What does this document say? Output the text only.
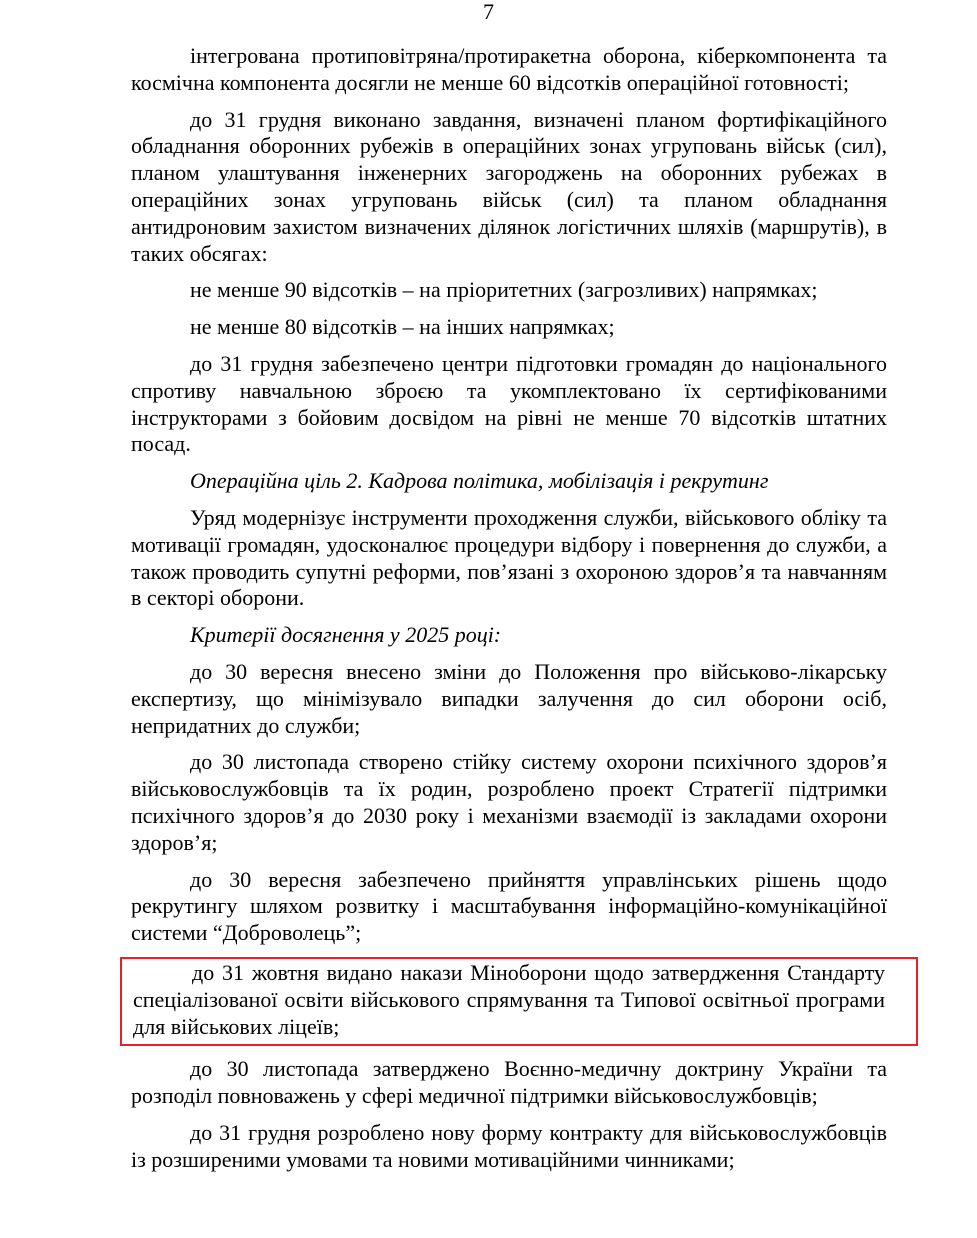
7

інтегрована протиповітряна/протиракетна оборона, кіберкомпонента та космічна компонента досягли не менше 60 відсотків операційної готовності;

до 31 грудня виконано завдання, визначені планом фортифікаційного обладнання оборонних рубежів в операційних зонах угруповань військ (сил), планом улаштування інженерних загороджень на оборонних рубежах в операційних зонах угруповань військ (сил) та планом обладнання антидроновим захистом визначених ділянок логістичних шляхів (маршрутів), в таких обсягах:

не менше 90 відсотків – на пріоритетних (загрозливих) напрямках;

не менше 80 відсотків – на інших напрямках;

до 31 грудня забезпечено центри підготовки громадян до національного спротиву навчальною зброєю та укомплектовано їх сертифікованими інструкторами з бойовим досвідом на рівні не менше 70 відсотків штатних посад.

Операційна ціль 2. Кадрова політика, мобілізація і рекрутинг

Уряд модернізує інструменти проходження служби, військового обліку та мотивації громадян, удосконалює процедури відбору і повернення до служби, а також проводить супутні реформи, пов’язані з охороною здоров’я та навчанням в секторі оборони.

Критерії досягнення у 2025 році:

до 30 вересня внесено зміни до Положення про військово-лікарську експертизу, що мінімізувало випадки залучення до сил оборони осіб, непридатних до служби;

до 30 листопада створено стійку систему охорони психічного здоров’я військовослужбовців та їх родин, розроблено проект Стратегії підтримки психічного здоров’я до 2030 року і механізми взаємодії із закладами охорони здоров’я;

до 30 вересня забезпечено прийняття управлінських рішень щодо рекрутингу шляхом розвитку і масштабування інформаційно-комунікаційної системи “Доброволець”;

до 31 жовтня видано накази Міноборони щодо затвердження Стандарту спеціалізованої освіти військового спрямування та Типової освітньої програми для військових ліцеїв;

до 30 листопада затверджено Воєнно-медичну доктрину України та розподіл повноважень у сфері медичної підтримки військовослужбовців;

до 31 грудня розроблено нову форму контракту для військовослужбовців із розширеними умовами та новими мотиваційними чинниками;
